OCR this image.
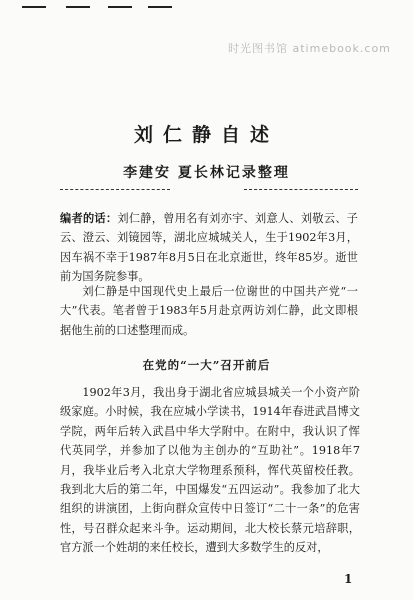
时光图书馆 atimebook.com
刘仁静自述
李建安 夏长林记录整理

编者的话：刘仁静，曾用名有刘亦宇、刘意人、刘敬云、子云、澄云、刘镜园等，湖北应城城关人，生于1902年3月，因车祸不幸于1987年8月5日在北京逝世，终年85岁。逝世前为国务院参事。

刘仁静是中国现代史上最后一位谢世的中国共产党“一大”代表。笔者曾于1983年5月赴京两访刘仁静，此文即根据他生前的口述整理而成。

在党的“一大”召开前后

1902年3月，我出身于湖北省应城县城关一个小资产阶级家庭。小时候，我在应城小学读书，1914年春进武昌博文学院，两年后转入武昌中华大学附中。在附中，我认识了恽代英同学，并参加了以他为主创办的“互助社”。1918年7月，我毕业后考入北京大学物理系预科，恽代英留校任教。我到北大后的第二年，中国爆发“五四运动”。我参加了北大组织的讲演团，上街向群众宣传中日签订“二十一条”的危害性，号召群众起来斗争。运动期间，北大校长蔡元培辞职，官方派一个姓胡的来任校长，遭到大多数学生的反对，

1
